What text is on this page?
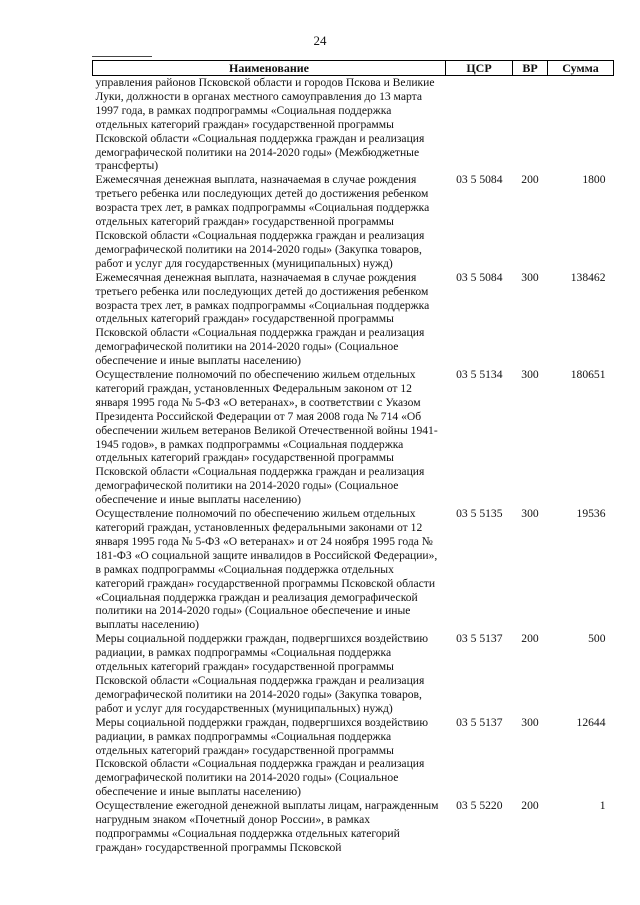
24
Наименование	ЦСР	ВР	Сумма
управления районов Псковской области и городов Пскова и Великие Луки, должности в органах местного самоуправления до 13 марта 1997 года, в рамках подпрограммы «Социальная поддержка отдельных категорий граждан» государственной программы Псковской области «Социальная поддержка граждан и реализация демографической политики на 2014-2020 годы» (Межбюджетные трансферты)			
Ежемесячная денежная выплата, назначаемая в случае рождения третьего ребенка или последующих детей до достижения ребенком возраста трех лет, в рамках подпрограммы «Социальная поддержка отдельных категорий граждан» государственной программы Псковской области «Социальная поддержка граждан и реализация демографической политики на 2014-2020 годы» (Закупка товаров, работ и услуг для государственных (муниципальных) нужд)	03 5 5084	200	1800
Ежемесячная денежная выплата, назначаемая в случае рождения третьего ребенка или последующих детей до достижения ребенком возраста трех лет, в рамках подпрограммы «Социальная поддержка отдельных категорий граждан» государственной программы Псковской области «Социальная поддержка граждан и реализация демографической политики на 2014-2020 годы» (Социальное обеспечение и иные выплаты населению)	03 5 5084	300	138462
Осуществление полномочий по обеспечению жильем отдельных категорий граждан, установленных Федеральным законом от 12 января 1995 года № 5-ФЗ «О ветеранах», в соответствии с Указом Президента Российской Федерации от 7 мая 2008 года № 714 «Об обеспечении жильем ветеранов Великой Отечественной войны 1941-1945 годов», в рамках подпрограммы «Социальная поддержка отдельных категорий граждан» государственной программы Псковской области «Социальная поддержка граждан и реализация демографической политики на 2014-2020 годы» (Социальное обеспечение и иные выплаты населению)	03 5 5134	300	180651
Осуществление полномочий по обеспечению жильем отдельных категорий граждан, установленных федеральными законами от 12 января 1995 года № 5-ФЗ «О ветеранах» и от 24 ноября 1995 года № 181-ФЗ «О социальной защите инвалидов в Российской Федерации», в рамках подпрограммы «Социальная поддержка отдельных категорий граждан» государственной программы Псковской области «Социальная поддержка граждан и реализация демографической политики на 2014-2020 годы» (Социальное обеспечение и иные выплаты населению)	03 5 5135	300	19536
Меры социальной поддержки граждан, подвергшихся воздействию радиации, в рамках подпрограммы «Социальная поддержка отдельных категорий граждан» государственной программы Псковской области «Социальная поддержка граждан и реализация демографической политики на 2014-2020 годы» (Закупка товаров, работ и услуг для государственных (муниципальных) нужд)	03 5 5137	200	500
Меры социальной поддержки граждан, подвергшихся воздействию радиации, в рамках подпрограммы «Социальная поддержка отдельных категорий граждан» государственной программы Псковской области «Социальная поддержка граждан и реализация демографической политики на 2014-2020 годы» (Социальное обеспечение и иные выплаты населению)	03 5 5137	300	12644
Осуществление ежегодной денежной выплаты лицам, награжденным нагрудным знаком «Почетный донор России», в рамках подпрограммы «Социальная поддержка отдельных категорий граждан» государственной программы Псковской	03 5 5220	200	1
